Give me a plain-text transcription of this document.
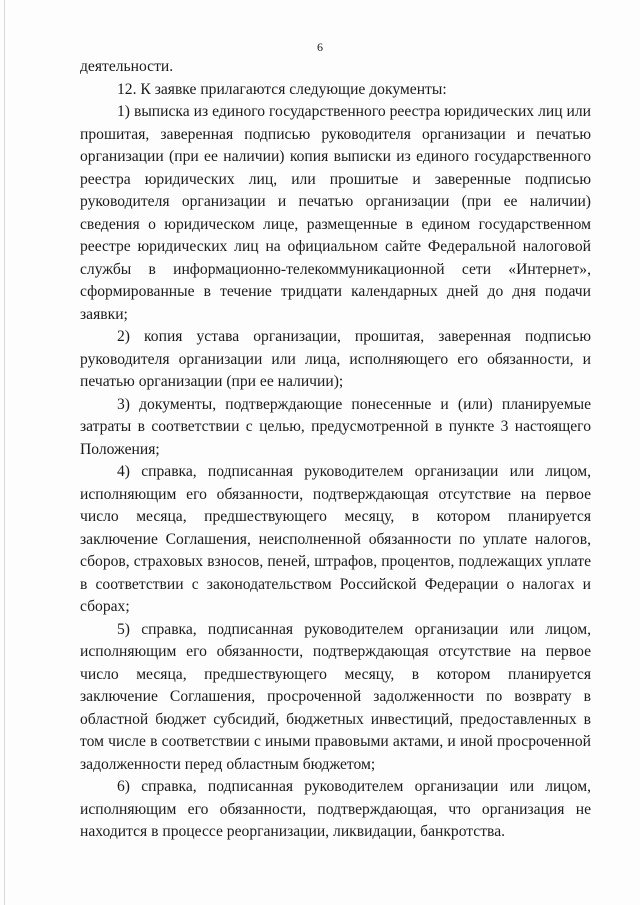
6

деятельности.

12. К заявке прилагаются следующие документы:

1) выписка из единого государственного реестра юридических лиц или прошитая, заверенная подписью руководителя организации и печатью организации (при ее наличии) копия выписки из единого государственного реестра юридических лиц, или прошитые и заверенные подписью руководителя организации и печатью организации (при ее наличии) сведения о юридическом лице, размещенные в едином государственном реестре юридических лиц на официальном сайте Федеральной налоговой службы в информационно-телекоммуникационной сети «Интернет», сформированные в течение тридцати календарных дней до дня подачи заявки;

2) копия устава организации, прошитая, заверенная подписью руководителя организации или лица, исполняющего его обязанности, и печатью организации (при ее наличии);

3) документы, подтверждающие понесенные и (или) планируемые затраты в соответствии с целью, предусмотренной в пункте 3 настоящего Положения;

4) справка, подписанная руководителем организации или лицом, исполняющим его обязанности, подтверждающая отсутствие на первое число месяца, предшествующего месяцу, в котором планируется заключение Соглашения, неисполненной обязанности по уплате налогов, сборов, страховых взносов, пеней, штрафов, процентов, подлежащих уплате в соответствии с законодательством Российской Федерации о налогах и сборах;

5) справка, подписанная руководителем организации или лицом, исполняющим его обязанности, подтверждающая отсутствие на первое число месяца, предшествующего месяцу, в котором планируется заключение Соглашения, просроченной задолженности по возврату в областной бюджет субсидий, бюджетных инвестиций, предоставленных в том числе в соответствии с иными правовыми актами, и иной просроченной задолженности перед областным бюджетом;

6) справка, подписанная руководителем организации или лицом, исполняющим его обязанности, подтверждающая, что организация не находится в процессе реорганизации, ликвидации, банкротства.
